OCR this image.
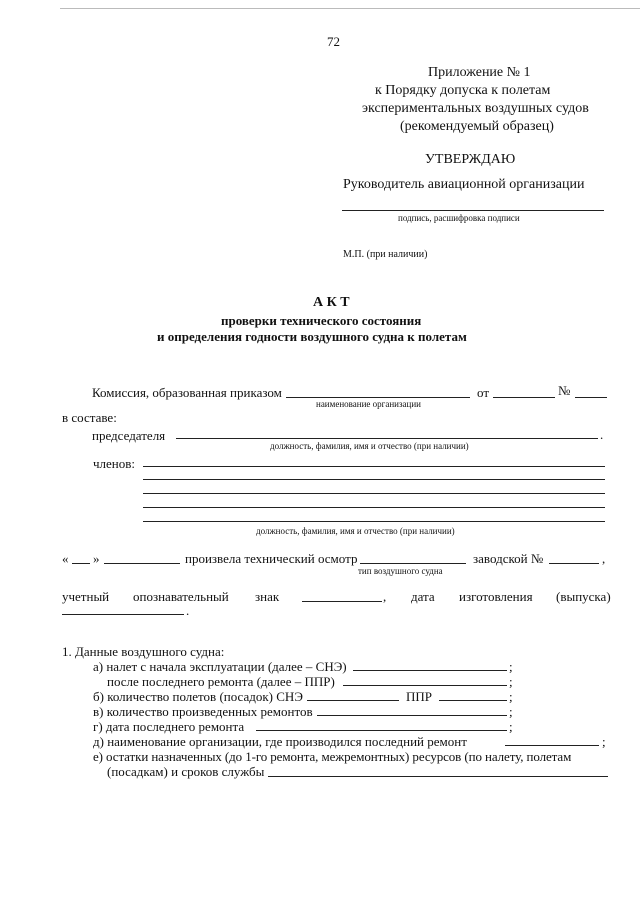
72
Приложение № 1
к Порядку допуска к полетам
экспериментальных воздушных судов
(рекомендуемый образец)
УТВЕРЖДАЮ
Руководитель авиационной организации
подпись, расшифровка подписи
М.П. (при наличии)
А К Т
проверки технического состояния
и определения годности воздушного судна к полетам
Комиссия, образованная приказом	от	№
наименование организации
в составе:
председателя	.
должность, фамилия, имя и отчество (при наличии)
членов:
должность, фамилия, имя и отчество (при наличии)
« »	произвела технический осмотр	заводской №	,
тип воздушного судна
учетный опознавательный знак	, дата изготовления (выпуска)
.
1. Данные воздушного судна:
а) налет с начала эксплуатации (далее – СНЭ)	;
после последнего ремонта (далее – ППР)	;
б) количество полетов (посадок) СНЭ	ППР	;
в) количество произведенных ремонтов	;
г) дата последнего ремонта	;
д) наименование организации, где производился последний ремонт	;
е) остатки назначенных (до 1-го ремонта, межремонтных) ресурсов (по налету, полетам
(посадкам) и сроков службы
